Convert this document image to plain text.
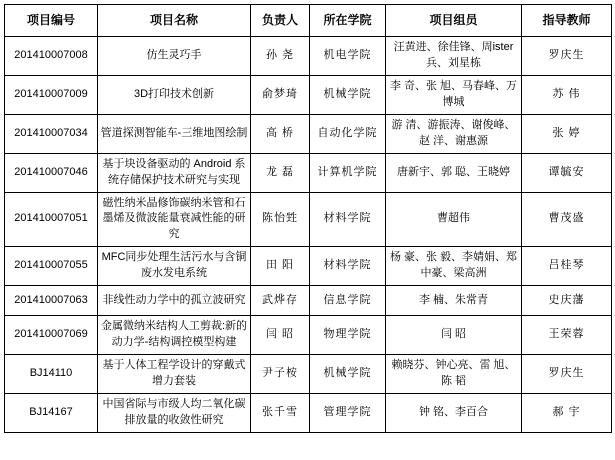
项目编号	项目名称	负责人	所在学院	项目组员	指导教师
201410007008	仿生灵巧手	孙 尧	机电学院	汪黄进、徐佳锋、周ister兵、刘星栋	罗庆生
201410007009	3D打印技术创新	俞梦琦	机械学院	李 奇、张 旭、马春峰、万博城	苏 伟
201410007034	管道探测智能车-三维地图绘制	高 桥	自动化学院	游 清、游振涛、谢俊峰、赵 洋、谢惠源	张 婷
201410007046	基于块设备驱动的 Android 系统存储保护技术研究与实现	龙 磊	计算机学院	唐新宇、郭 聪、王晓婷	谭毓安
201410007051	磁性纳米晶修饰碳纳米管和石墨烯及微波能量衰减性能的研究	陈怡甡	材料学院	曹超伟	曹茂盛
201410007055	MFC同步处理生活污水与含铜废水发电系统	田 阳	材料学院	杨 豪、张 毅、李婧娟、郑中豪、梁高洲	吕桂琴
201410007063	非线性动力学中的孤立波研究	武烨存	信息学院	李 楠、朱常青	史庆藩
201410007069	金属微纳米结构人工剪裁:新的动力学-结构调控模型构建	闫 昭	物理学院	闫 昭	王荣蓉
BJ14110	基于人体工程学设计的穿戴式增力套装	尹子桉	机械学院	赖晓芬、钟心亮、雷 旭、陈 韬	罗庆生
BJ14167	中国省际与市级人均二氧化碳排放量的收敛性研究	张千雪	管理学院	钟 铭、李百合	郝 宇
